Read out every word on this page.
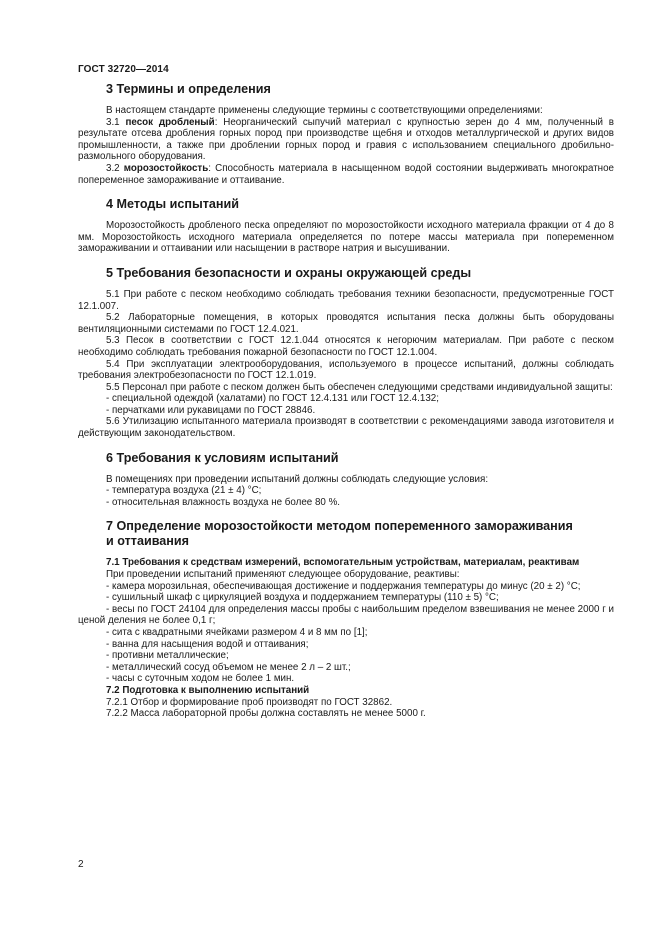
ГОСТ 32720—2014
3 Термины и определения

В настоящем стандарте применены следующие термины с соответствующими определениями:

3.1 песок дробленый: Неорганический сыпучий материал с крупностью зерен до 4 мм, полученный в результате отсева дробления горных пород при производстве щебня и отходов металлургической и других видов промышленности, а также при дроблении горных пород и гравия с использованием специального дробильно-размольного оборудования.

3.2 морозостойкость: Способность материала в насыщенном водой состоянии выдерживать многократное попеременное замораживание и оттаивание.

4 Методы испытаний

Морозостойкость дробленого песка определяют по морозостойкости исходного материала фракции от 4 до 8 мм. Морозостойкость исходного материала определяется по потере массы материала при попеременном замораживании и оттаивании или насыщении в растворе натрия и высушивании.

5 Требования безопасности и охраны окружающей среды

5.1 При работе с песком необходимо соблюдать требования техники безопасности, предусмотренные ГОСТ 12.1.007.

5.2 Лабораторные помещения, в которых проводятся испытания песка должны быть оборудованы вентиляционными системами по ГОСТ 12.4.021.

5.3 Песок в соответствии с ГОСТ 12.1.044 относятся к негорючим материалам. При работе с песком необходимо соблюдать требования пожарной безопасности по ГОСТ 12.1.004.

5.4 При эксплуатации электрооборудования, используемого в процессе испытаний, должны соблюдать требования электробезопасности по ГОСТ 12.1.019.

5.5 Персонал при работе с песком должен быть обеспечен следующими средствами индивидуальной защиты:

- специальной одеждой (халатами) по ГОСТ 12.4.131 или ГОСТ 12.4.132;

- перчатками или рукавицами по ГОСТ 28846.

5.6 Утилизацию испытанного материала производят в соответствии с рекомендациями завода изготовителя и действующим законодательством.

6 Требования к условиям испытаний

В помещениях при проведении испытаний должны соблюдать следующие условия:

- температура воздуха (21 ± 4) °С;

- относительная влажность воздуха не более 80 %.

7 Определение морозостойкости методом попеременного замораживания
и оттаивания
7.1 Требования к средствам измерений, вспомогательным устройствам, материалам, реактивам

При проведении испытаний применяют следующее оборудование, реактивы:

- камера морозильная, обеспечивающая достижение и поддержания температуры до минус (20 ± 2) °С;

- сушильный шкаф с циркуляцией воздуха и поддержанием температуры (110 ± 5) °С;

- весы по ГОСТ 24104 для определения массы пробы с наибольшим пределом взвешивания не менее 2000 г и ценой деления не более 0,1 г;

- сита с квадратными ячейками размером 4 и 8 мм по [1];

- ванна для насыщения водой и оттаивания;

- противни металлические;

- металлический сосуд объемом не менее 2 л – 2 шт.;

- часы с суточным ходом не более 1 мин.

7.2 Подготовка к выполнению испытаний

7.2.1 Отбор и формирование проб производят по ГОСТ 32862.

7.2.2 Масса лабораторной пробы должна составлять не менее 5000 г.

2
